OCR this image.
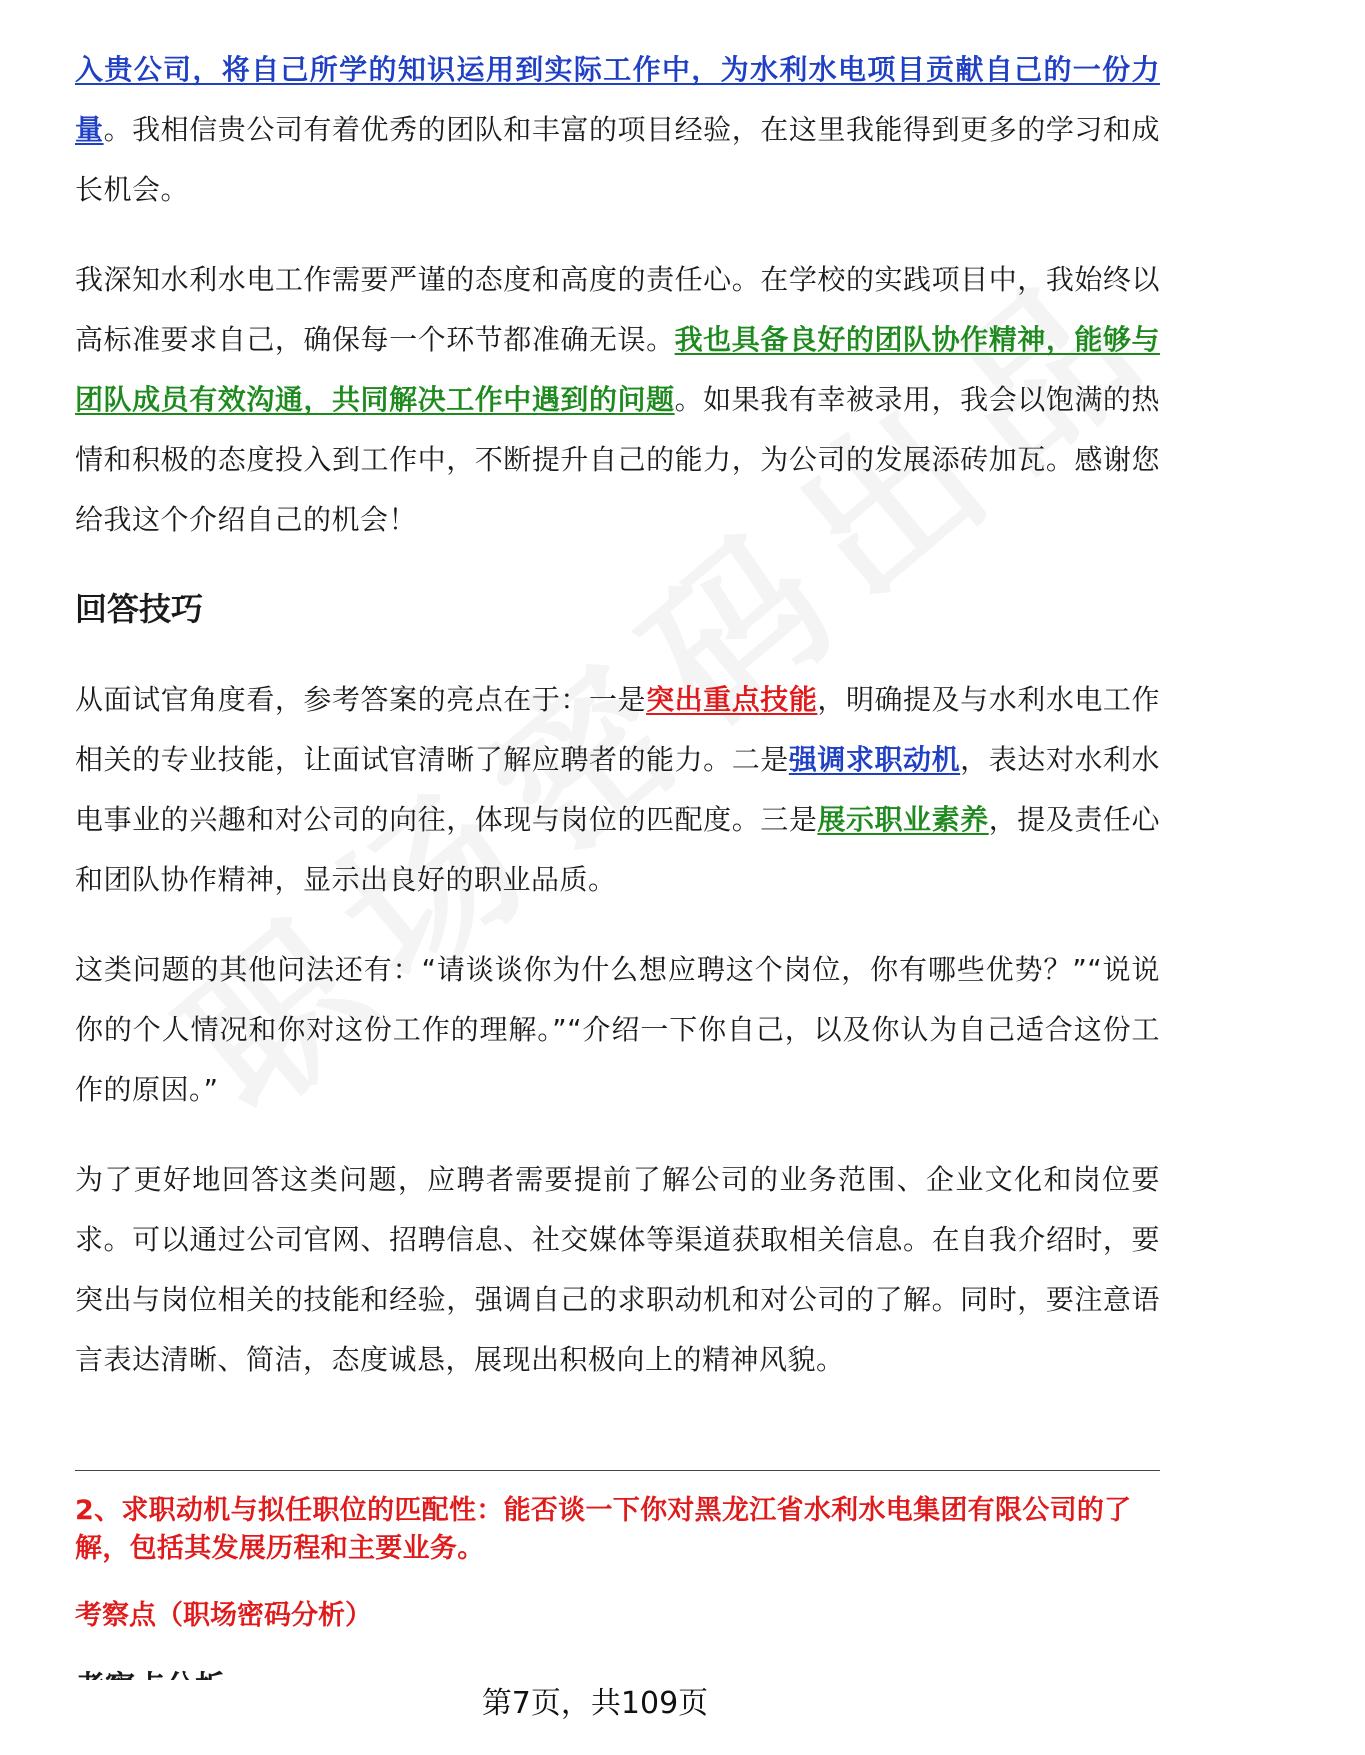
入贵公司，将自己所学的知识运用到实际工作中，为水利水电项目贡献自己的一份力量。我相信贵公司有着优秀的团队和丰富的项目经验，在这里我能得到更多的学习和成长机会。

我深知水利水电工作需要严谨的态度和高度的责任心。在学校的实践项目中，我始终以高标准要求自己，确保每一个环节都准确无误。我也具备良好的团队协作精神，能够与团队成员有效沟通，共同解决工作中遇到的问题。如果我有幸被录用，我会以饱满的热情和积极的态度投入到工作中，不断提升自己的能力，为公司的发展添砖加瓦。感谢您给我这个介绍自己的机会！

回答技巧

从面试官角度看，参考答案的亮点在于：一是突出重点技能，明确提及与水利水电工作相关的专业技能，让面试官清晰了解应聘者的能力。二是强调求职动机，表达对水利水电事业的兴趣和对公司的向往，体现与岗位的匹配度。三是展示职业素养，提及责任心和团队协作精神，显示出良好的职业品质。

这类问题的其他问法还有：“请谈谈你为什么想应聘这个岗位，你有哪些优势？”“说说你的个人情况和你对这份工作的理解。”“介绍一下你自己，以及你认为自己适合这份工作的原因。”

为了更好地回答这类问题，应聘者需要提前了解公司的业务范围、企业文化和岗位要求。可以通过公司官网、招聘信息、社交媒体等渠道获取相关信息。在自我介绍时，要突出与岗位相关的技能和经验，强调自己的求职动机和对公司的了解。同时，要注意语言表达清晰、简洁，态度诚恳，展现出积极向上的精神风貌。

2、求职动机与拟任职位的匹配性：能否谈一下你对黑龙江省水利水电集团有限公司的了解，包括其发展历程和主要业务。
考察点（职场密码分析）
第7页，共109页
